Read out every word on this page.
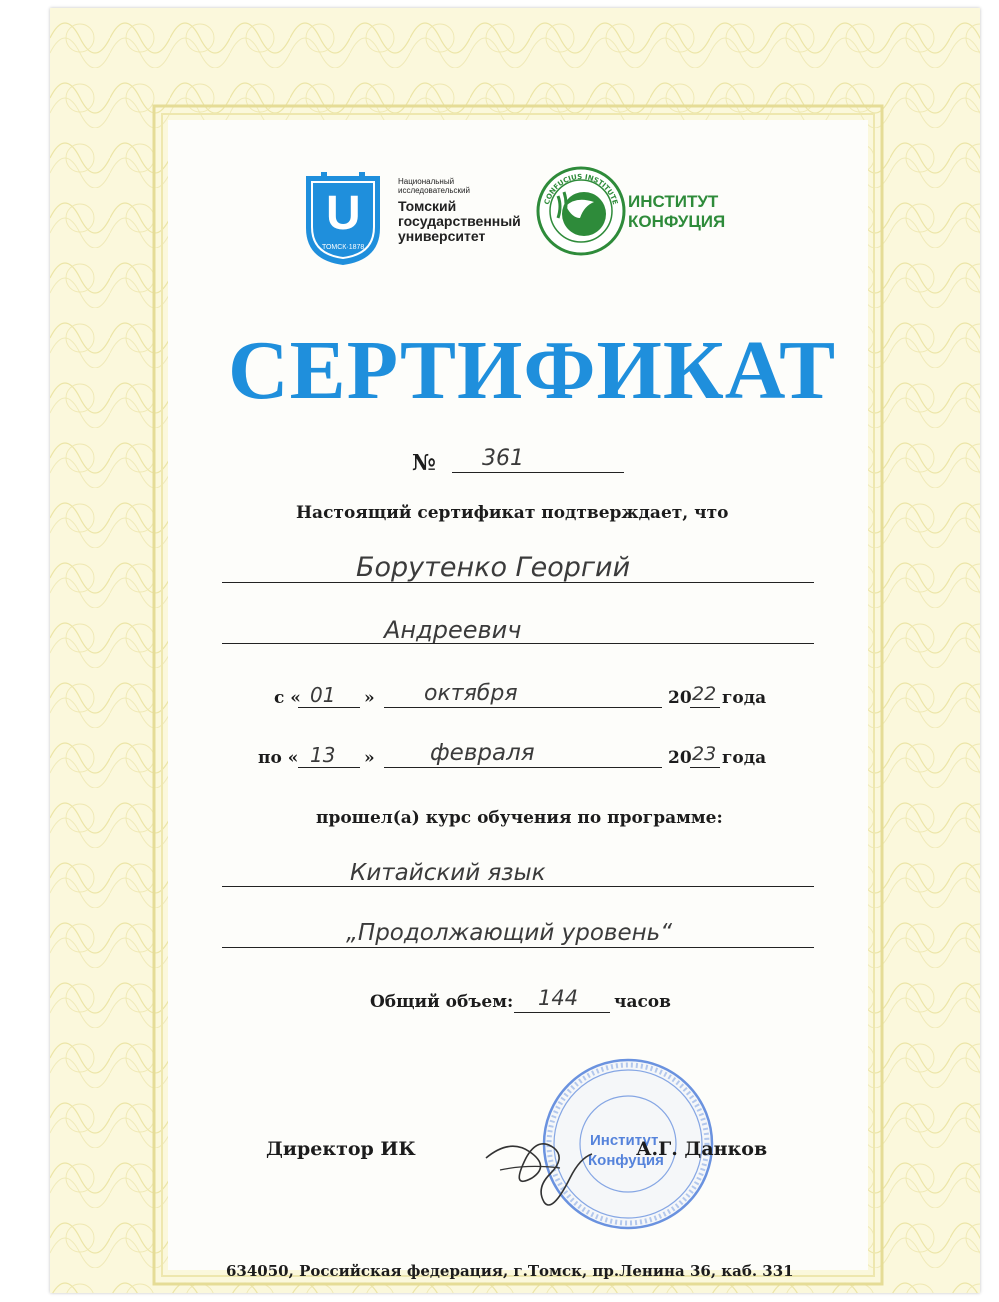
U
ТОМСК·1878
Национальный
исследовательский
Томский
государственный
университет
CONFUCIUS INSTITUTE ИНСТИТУТ
КОНФУЦИЯ
СЕРТИФИКАТ
№ 361
Настоящий сертификат подтверждает, что
Борутенко Георгий
Андреевич
с « 01 » октября	20 22 года
по « 13 » февраля	20 23 года
прошел(а) курс обучения по программе:
Китайский язык
„Продолжающий уровень“
Общий объем: 144 часов
Институт
Конфуция
Директор ИК	А.Г. Данков
634050, Российская федерация, г.Томск, пр.Ленина 36, каб. 331
